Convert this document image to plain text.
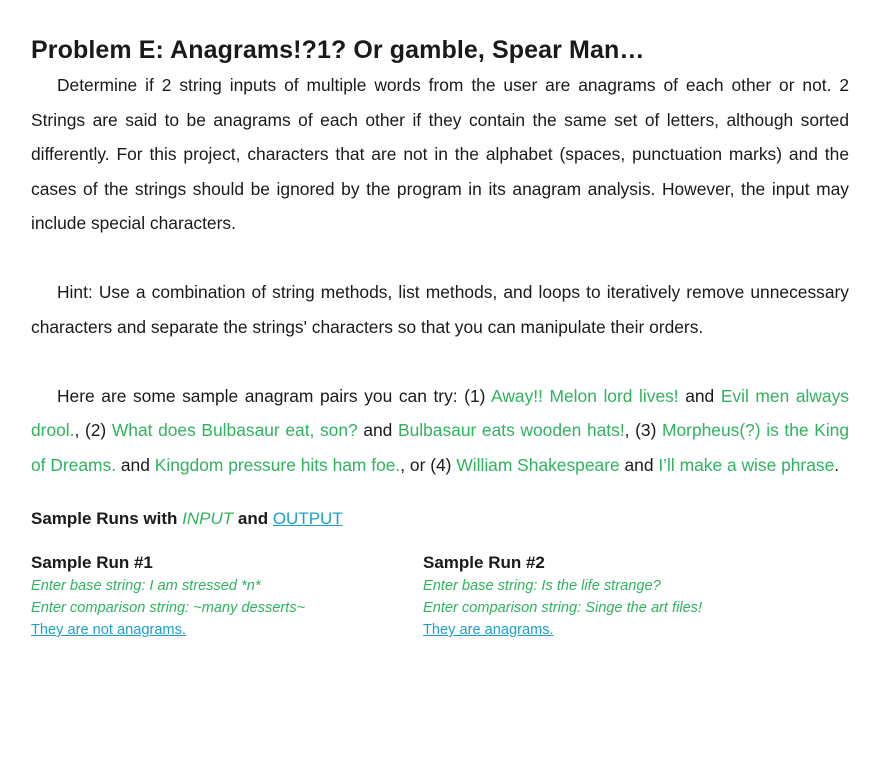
Problem E: Anagrams!?1? Or gamble, Spear Man…

Determine if 2 string inputs of multiple words from the user are anagrams of each other or not. 2 Strings are said to be anagrams of each other if they contain the same set of letters, although sorted differently. For this project, characters that are not in the alphabet (spaces, punctuation marks) and the cases of the strings should be ignored by the program in its anagram analysis. However, the input may include special characters.

Hint: Use a combination of string methods, list methods, and loops to iteratively remove unnecessary characters and separate the strings' characters so that you can manipulate their orders.

Here are some sample anagram pairs you can try: (1) Away!! Melon lord lives! and Evil men always drool., (2) What does Bulbasaur eat, son? and Bulbasaur eats wooden hats!, (3) Morpheus(?) is the King of Dreams. and Kingdom pressure hits ham foe., or (4) William Shakespeare and I’ll make a wise phrase.

Sample Runs with INPUT and OUTPUT

Sample Run #1
Enter base string: I am stressed *n*
Enter comparison string: ~many desserts~
They are not anagrams.
Sample Run #2
Enter base string: Is the life strange?
Enter comparison string: Singe the art files!
They are anagrams.
